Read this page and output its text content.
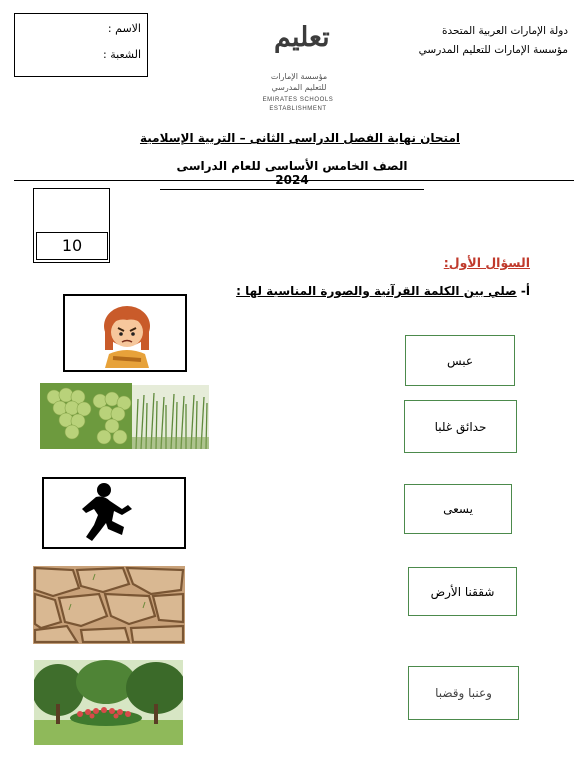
الاسم :
الشعبة :
دولة الإمارات العربية المتحدة
مؤسسة الإمارات للتعليم المدرسي
تعليم
مؤسسة الإمارات
للتعليم المدرسي
EMIRATES SCHOOLS
ESTABLISHMENT
امتحان نهاية الفصل الدراسى الثانى – التربية الإسلامية
الصف الخامس الأساسى للعام الدراسى 2024
10
السؤال الأول:
أ- صلي بين الكلمة القرآنية والصورة المناسبة لها :
عبس
حدائق غلبا
يسعى
شققنا الأرض
وعنبا وقضبا
